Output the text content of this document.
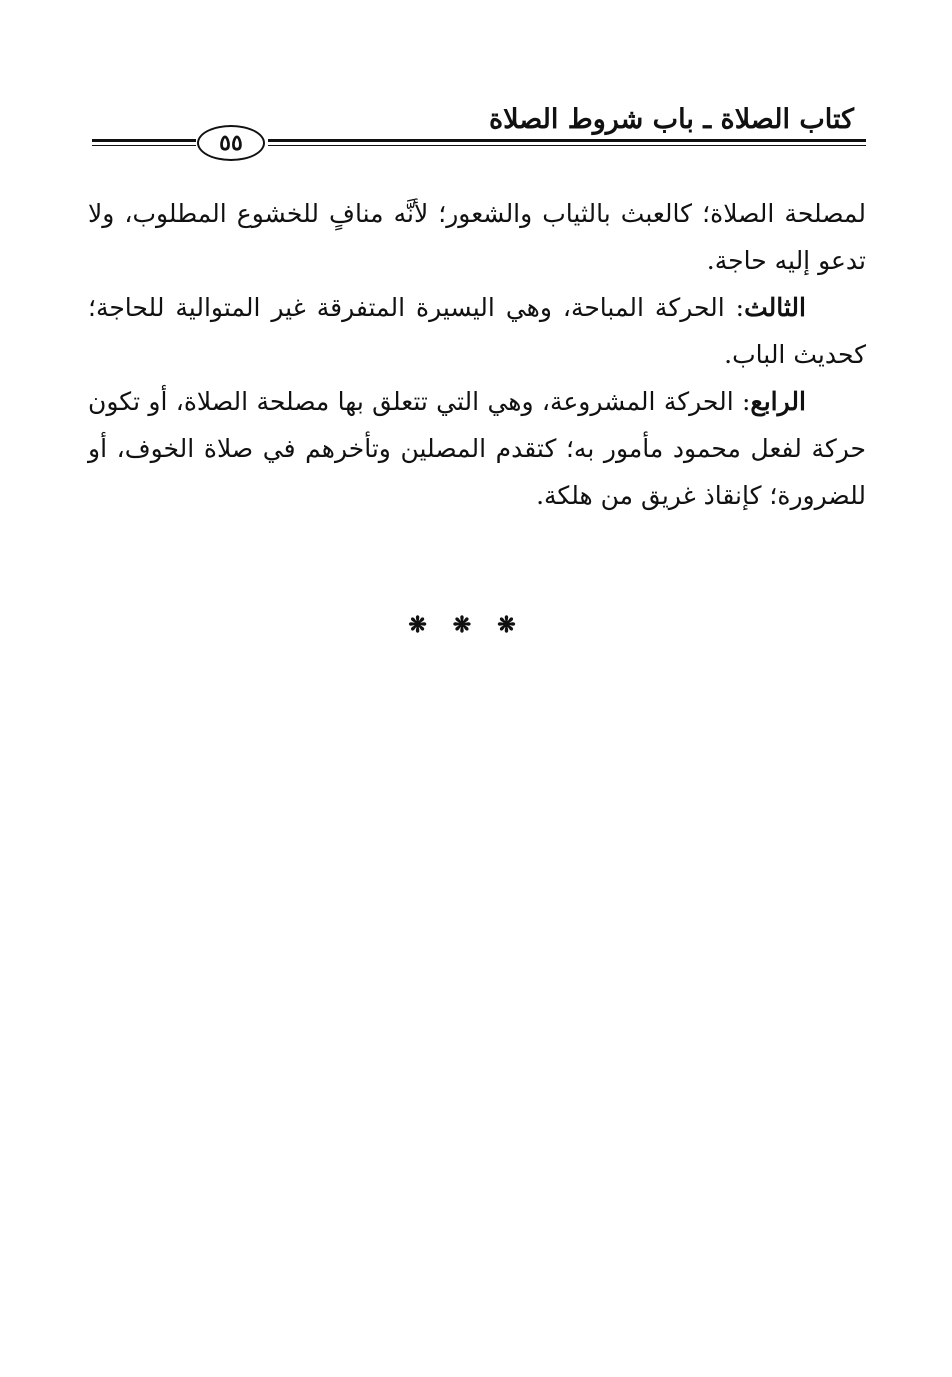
كتاب الصلاة ـ باب شروط الصلاة
٥٥

لمصلحة الصلاة؛ كالعبث بالثياب والشعور؛ لأنَّه منافٍ للخشوع المطلوب، ولا تدعو إليه حاجة.

الثالث: الحركة المباحة، وهي اليسيرة المتفرقة غير المتوالية للحاجة؛ كحديث الباب.

الرابع: الحركة المشروعة، وهي التي تتعلق بها مصلحة الصلاة، أو تكون حركة لفعل محمود مأمور به؛ كتقدم المصلين وتأخرهم في صلاة الخوف، أو للضرورة؛ كإنقاذ غريق من هلكة.

❋❋❋
